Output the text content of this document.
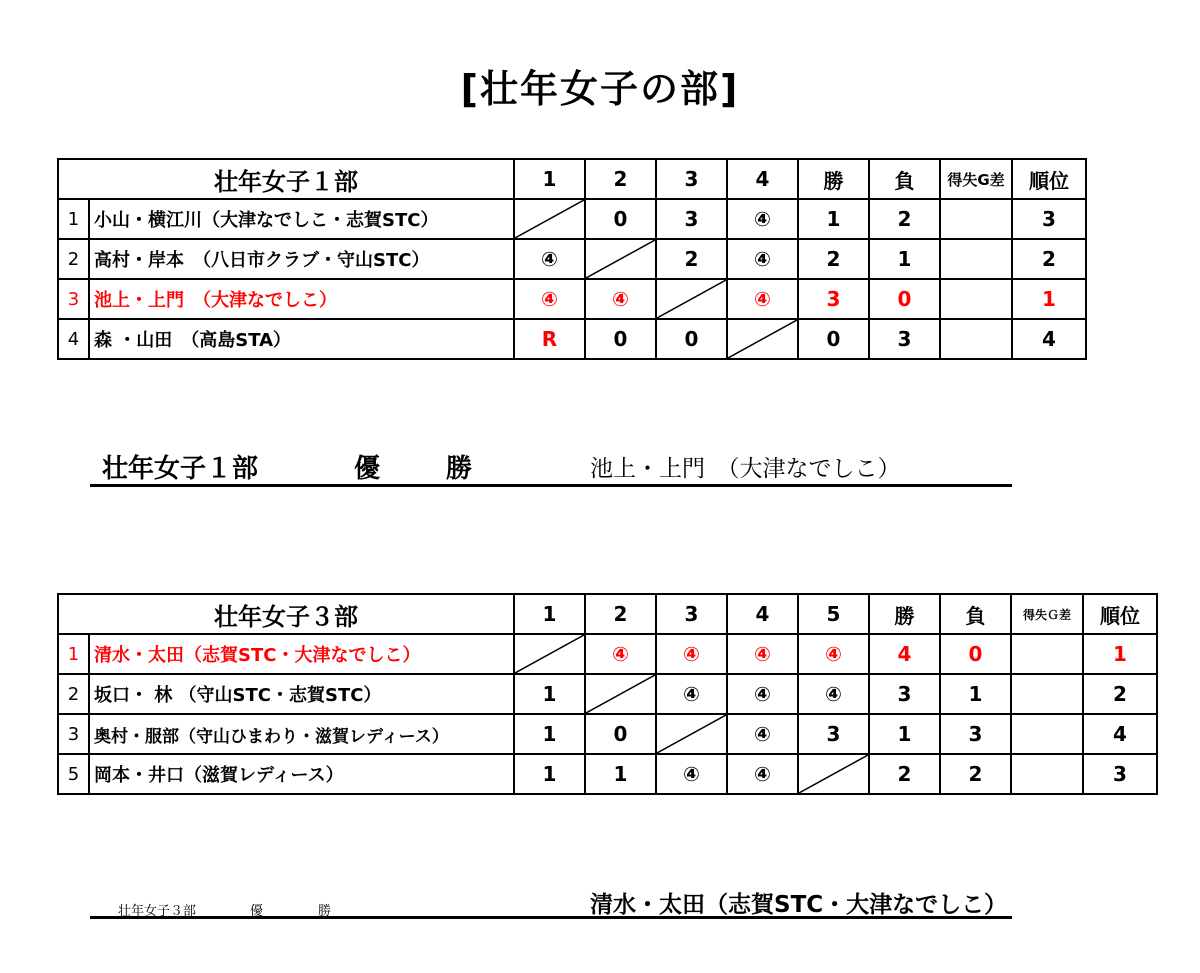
[壮年女子の部]
壮年女子１部		1	2	3	4	勝	負	得失G差	順位
1	小山・横江川（大津なでしこ・志賀STC）		0	3	④	1	2		3
2	高村・岸本　（八日市クラブ・守山STC）	④		2	④	2	1		2
3	池上・上門　（大津なでしこ）	④	④		④	3	0		1
4	森 ・山田　（高島STA）	R	0	0		0	3		4
壮年女子１部	優	勝	池上・上門　（大津なでしこ）
壮年女子３部		1	2	3	4	5	勝	負	得失Ｇ差	順位
1	清水・太田（志賀STC・大津なでしこ）		④	④	④	④	4	0		1
2	坂口・ 林 （守山STC・志賀STC）	1		④	④	④	3	1		2
3	奥村・服部（守山ひまわり・滋賀レディース）	1	0		④	3	1	3		4
5	岡本・井口（滋賀レディース）	1	1	④	④		2	2		3
壮年女子３部	優	勝	清水・太田（志賀STC・大津なでしこ）
